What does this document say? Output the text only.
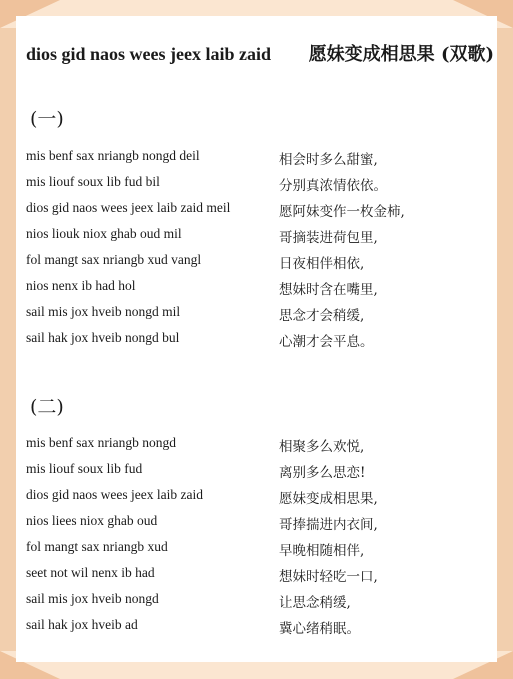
dios gid naos wees jeex laib zaid 愿妹变成相思果 (双歌)
(一)
mis benf sax nriangb nongd deil	相会时多么甜蜜,
mis liouf soux lib fud bil	分别真浓情依依。
dios gid naos wees jeex laib zaid meil	愿阿妹变作一枚金柿,
nios liouk niox ghab oud mil	哥摘装进荷包里,
fol mangt sax nriangb xud vangl	日夜相伴相依,
nios nenx ib had hol	想妹时含在嘴里,
sail mis jox hveib nongd mil	思念才会稍缓,
sail hak jox hveib nongd bul	心潮才会平息。
(二)
mis benf sax nriangb nongd	相聚多么欢悦,
mis liouf soux lib fud	离别多么思恋!
dios gid naos wees jeex laib zaid	愿妹变成相思果,
nios liees niox ghab oud	哥捧揣进内衣间,
fol mangt sax nriangb xud	早晚相随相伴,
seet not wil nenx ib had	想妹时轻吃一口,
sail mis jox hveib nongd	让思念稍缓,
sail hak jox hveib ad	冀心绪稍眠。
